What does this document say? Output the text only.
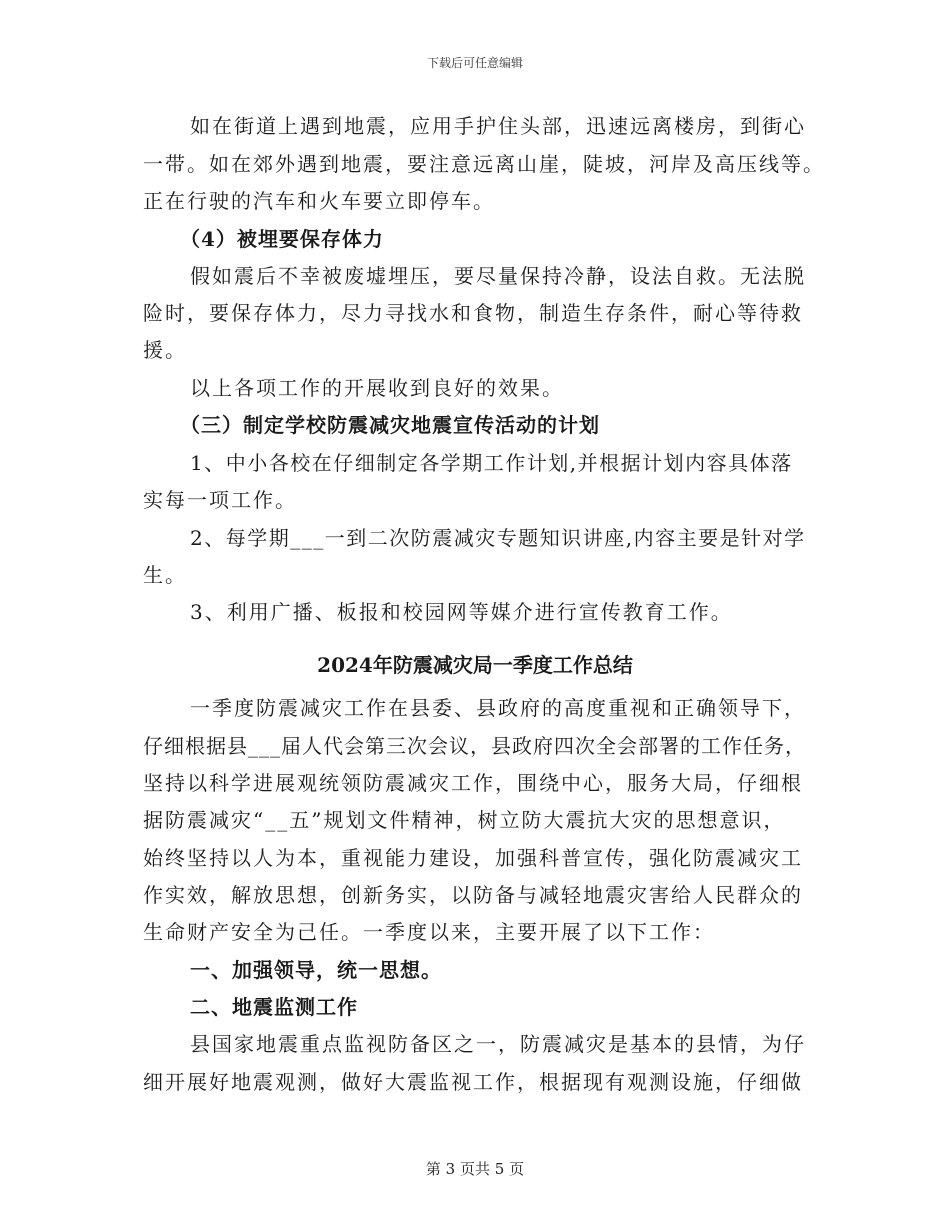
下载后可任意编辑
如在街道上遇到地震，应用手护住头部，迅速远离楼房，到街心
一带。如在郊外遇到地震，要注意远离山崖，陡坡，河岸及高压线等。
正在行驶的汽车和火车要立即停车。
（4）被埋要保存体力
假如震后不幸被废墟埋压，要尽量保持冷静，设法自救。无法脱
险时，要保存体力，尽力寻找水和食物，制造生存条件，耐心等待救
援。
以上各项工作的开展收到良好的效果。
（三）制定学校防震减灾地震宣传活动的计划
1、中小各校在仔细制定各学期工作计划,并根据计划内容具体落
实每一项工作。
2、每学期___一到二次防震减灾专题知识讲座,内容主要是针对学
生。
3、利用广播、板报和校园网等媒介进行宣传教育工作。
2024年防震减灾局一季度工作总结
一季度防震减灾工作在县委、县政府的高度重视和正确领导下，
仔细根据县___届人代会第三次会议，县政府四次全会部署的工作任务，
坚持以科学进展观统领防震减灾工作，围绕中心，服务大局，仔细根
据防震减灾“__五”规划文件精神，树立防大震抗大灾的思想意识，
始终坚持以人为本，重视能力建设，加强科普宣传，强化防震减灾工
作实效，解放思想，创新务实，以防备与减轻地震灾害给人民群众的
生命财产安全为己任。一季度以来，主要开展了以下工作：
一、加强领导，统一思想。
二、地震监测工作
县国家地震重点监视防备区之一，防震减灾是基本的县情，为仔
细开展好地震观测，做好大震监视工作，根据现有观测设施，仔细做
第 3 页共 5 页
